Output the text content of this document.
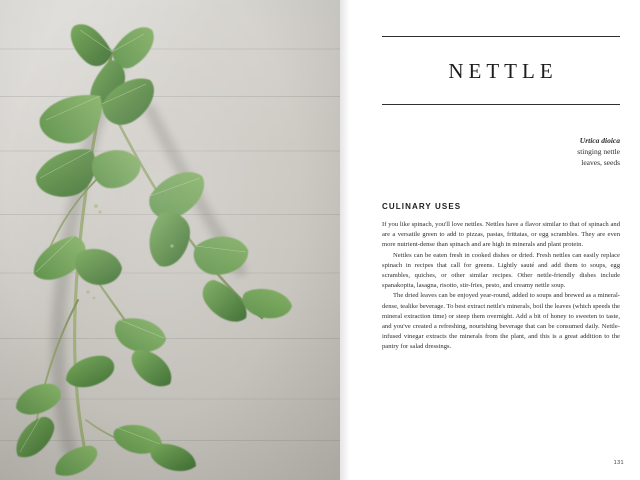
NETTLE
Urtica dioica
stinging nettle
leaves, seeds
CULINARY USES

If you like spinach, you'll love nettles. Nettles have a flavor similar to that of spinach and are a versatile green to add to pizzas, pastas, frittatas, or egg scrambles. They are even more nutrient-dense than spinach and are high in minerals and plant protein.

Nettles can be eaten fresh in cooked dishes or dried. Fresh nettles can easily replace spinach in recipes that call for greens. Lightly sauté and add them to soups, egg scrambles, quiches, or other similar recipes. Other nettle-friendly dishes include spanakopita, lasagna, risotto, stir-fries, pesto, and creamy nettle soup.

The dried leaves can be enjoyed year-round, added to soups and brewed as a mineral-dense, tealike beverage. To best extract nettle's minerals, boil the leaves (which speeds the mineral extraction time) or steep them overnight. Add a bit of honey to sweeten to taste, and you've created a refreshing, nourishing beverage that can be consumed daily. Nettle-infused vinegar extracts the minerals from the plant, and this is a great addition to the pantry for salad dressings.

131
